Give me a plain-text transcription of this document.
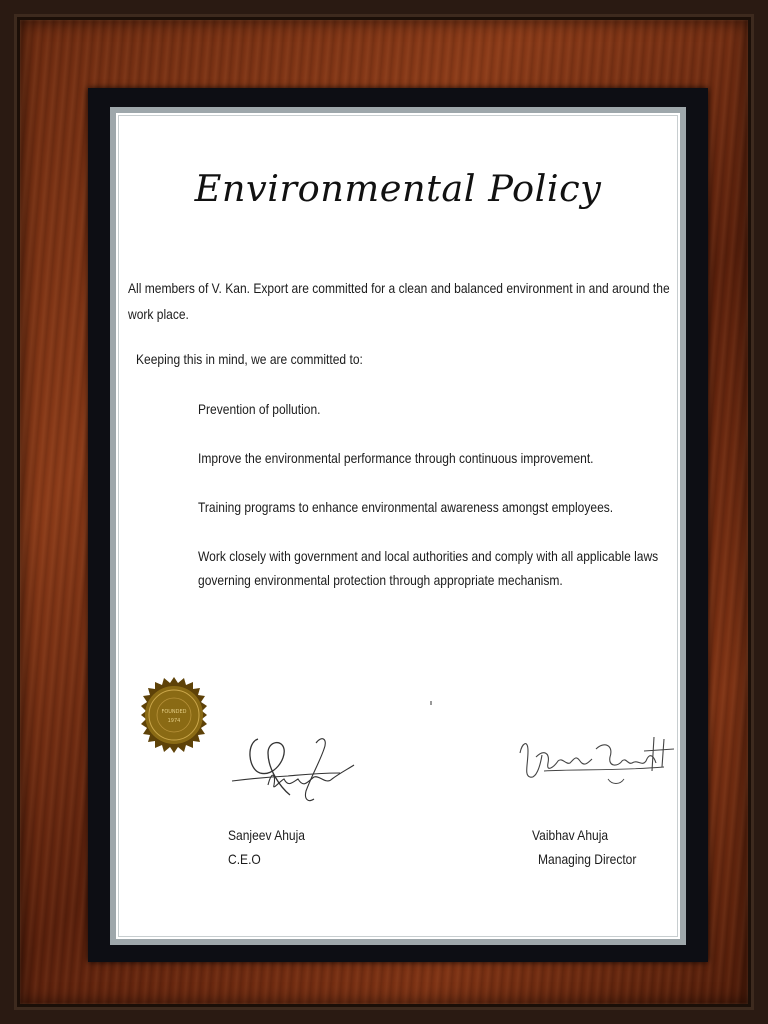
Environmental Policy
All members of V. Kan. Export are committed for a clean and balanced environment in and around the work place.
Keeping this in mind, we are committed to:
Prevention of pollution.
Improve the environmental performance through continuous improvement.
Training programs to enhance environmental awareness amongst employees.
Work closely with government and local authorities and comply with all applicable laws governing environmental protection through appropriate mechanism.
FOUNDED
1974
Sanjeev Ahuja
C.E.O
Vaibhav Ahuja
Managing Director
